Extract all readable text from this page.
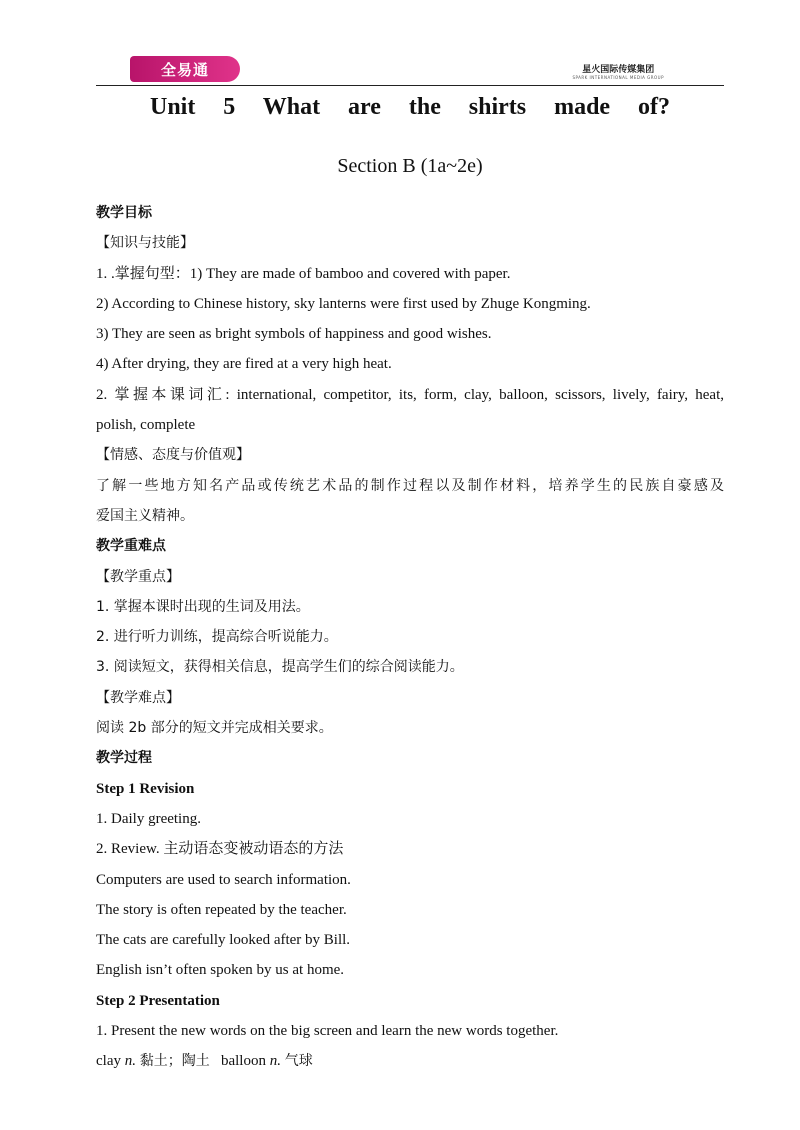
全易通	星火国际传媒集团
SPARK INTERNATIONAL MEDIA GROUP
Unit 5 What are the shirts made of?
Section B (1a~2e)
教学目标
【知识与技能】
1. .掌握句型：1) They are made of bamboo and covered with paper.
2) According to Chinese history, sky lanterns were first used by Zhuge Kongming.
3) They are seen as bright symbols of happiness and good wishes.
4) After drying, they are fired at a very high heat.
2. 掌握本课词汇: international, competitor, its, form, clay, balloon, scissors, lively, fairy, heat,
polish, complete
【情感、态度与价值观】
了解一些地方知名产品或传统艺术品的制作过程以及制作材料，培养学生的民族自豪感及
爱国主义精神。
教学重难点
【教学重点】
1. 掌握本课时出现的生词及用法。
2. 进行听力训练，提高综合听说能力。
3. 阅读短文，获得相关信息，提高学生们的综合阅读能力。
【教学难点】
阅读 2b 部分的短文并完成相关要求。
教学过程
Step 1 Revision
1. Daily greeting.
2. Review. 主动语态变被动语态的方法
Computers are used to search information.
The story is often repeated by the teacher.
The cats are carefully looked after by Bill.
English isn’t often spoken by us at home.
Step 2 Presentation
1. Present the new words on the big screen and learn the new words together.
clay n. 黏土；陶土 balloon n. 气球
